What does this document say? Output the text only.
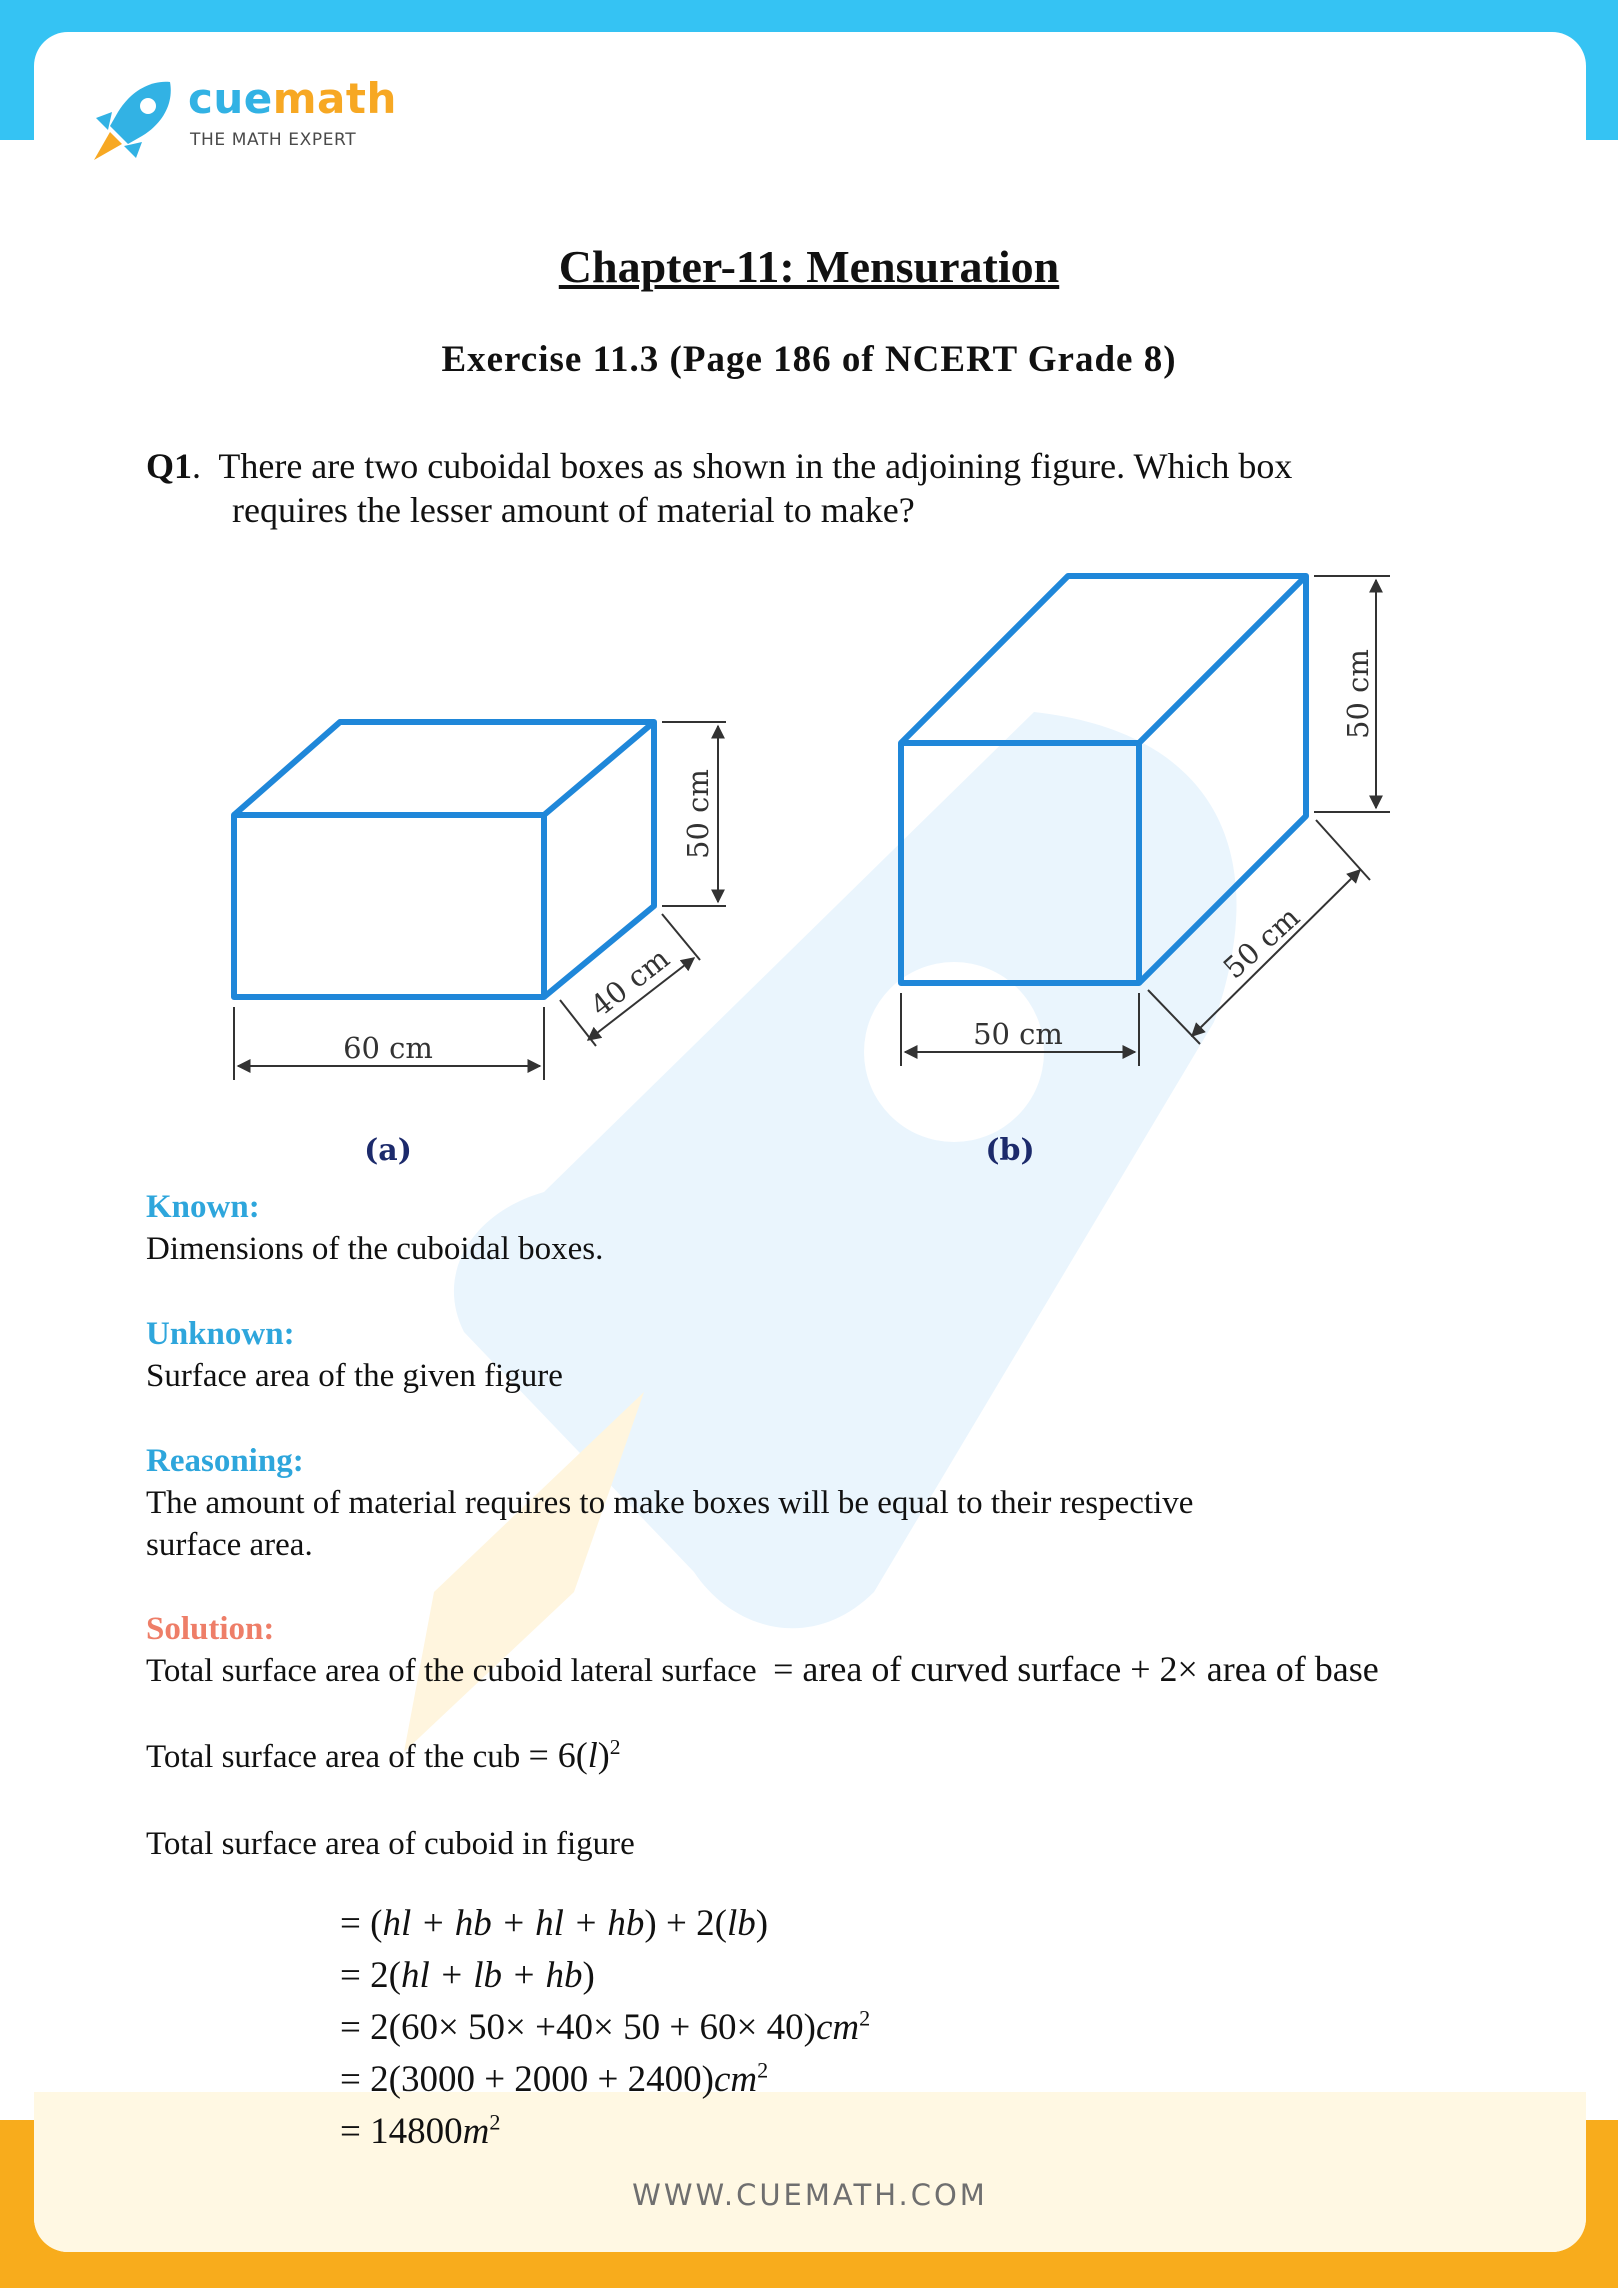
WWW.CUEMATH.COM
cuemath
THE MATH EXPERT
Chapter-11: Mensuration
Exercise 11.3 (Page 186 of NCERT Grade 8)
Q1.  There are two cuboidal boxes as shown in the adjoining figure. Which box
requires the lesser amount of material to make?
60 cm
50 cm
40 cm
(a)
50 cm
50 cm
50 cm
(b)
Known:
Dimensions of the cuboidal boxes.
Unknown:
Surface area of the given figure
Reasoning:
The amount of material requires to make boxes will be equal to their respective
surface area.
Solution:
Total surface area of the cuboid lateral surface = area of curved surface + 2× area of base
Total surface area of the cub = $6(l)^2$
Total surface area of cuboid in figure
= (hl + hb + hl + hb) + 2(lb)
= 2(hl + lb + hb)
= $2(60\times 50\times +40\times 50 + 60\times 40)cm^2$
= $2(3000 + 2000 + 2400)cm^2$
= $14800m^2$
